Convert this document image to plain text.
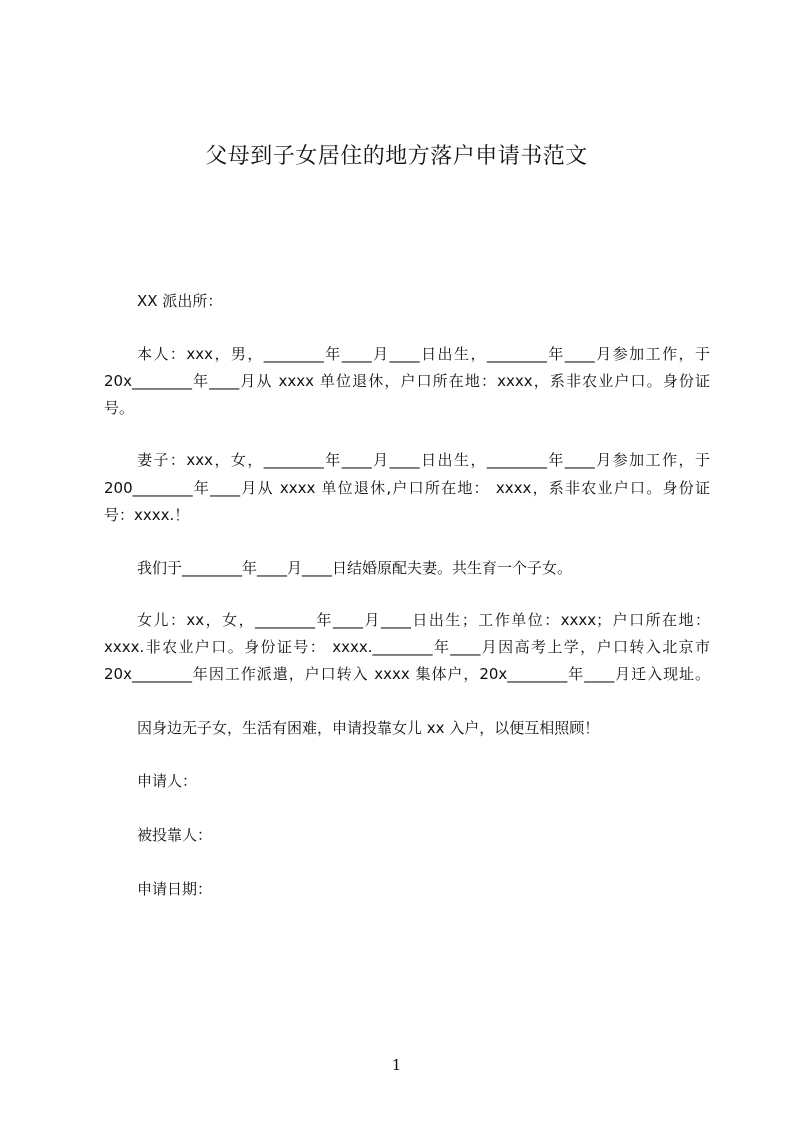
父母到子女居住的地方落户申请书范文
XX 派出所：
本人：xxx，男，________年____月____日出生，________年____月参加工作，于
20x________年____月从 xxxx 单位退休，户口所在地：xxxx，系非农业户口。身份证
号。
妻子：xxx，女，________年____月____日出生，________年____月参加工作，于
200________年____月从 xxxx 单位退休,户口所在地： xxxx，系非农业户口。身份证
号：xxxx.！
我们于________年____月____日结婚原配夫妻。共生育一个子女。
女儿：xx，女，________年____月____日出生；工作单位：xxxx；户口所在地：
xxxx.非农业户口。身份证号： xxxx.________年____月因高考上学，户口转入北京市
20x________年因工作派遣，户口转入 xxxx 集体户，20x________年____月迁入现址。
因身边无子女，生活有困难，申请投靠女儿 xx 入户，以便互相照顾！
申请人：
被投靠人：
申请日期：
1
